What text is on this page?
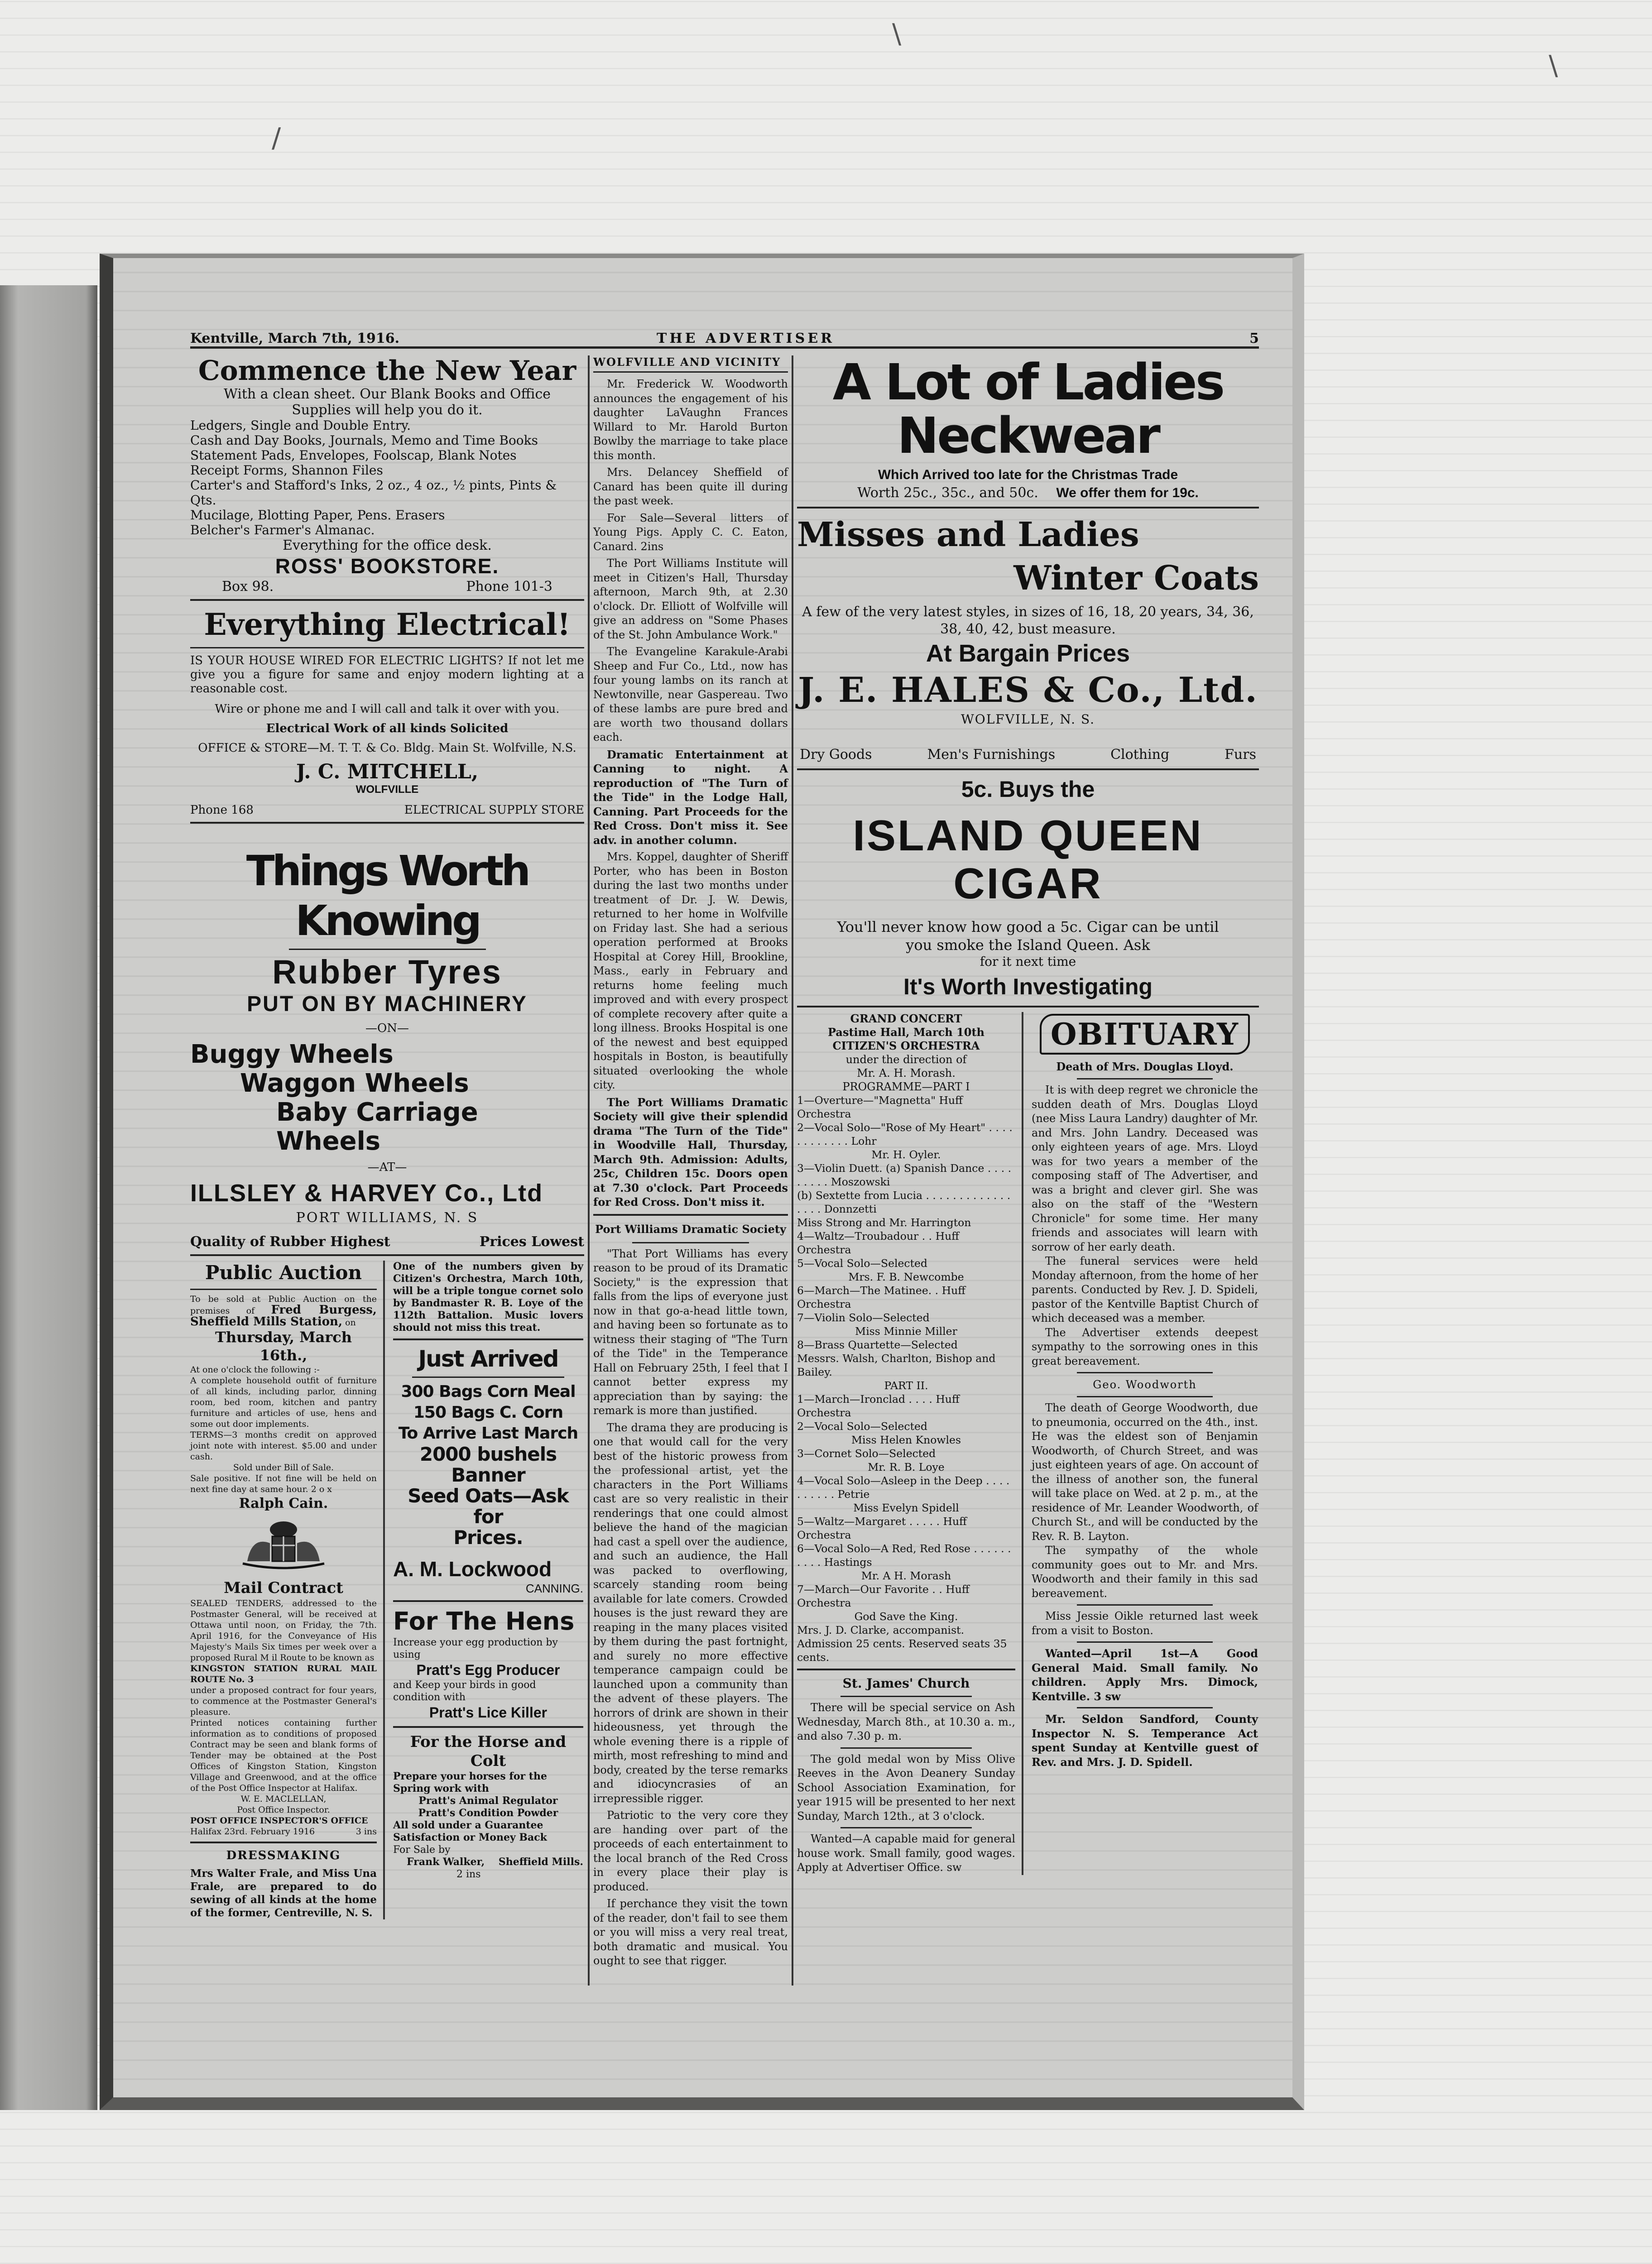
/
\
\
Kentville, March 7th, 1916.	THE ADVERTISER	5
Commence the New Year
With a clean sheet. Our Blank Books and Office Supplies will help you do it.
Ledgers, Single and Double Entry.
Cash and Day Books, Journals, Memo and Time Books
Statement Pads, Envelopes, Foolscap, Blank Notes
Receipt Forms, Shannon Files
Carter's and Stafford's Inks, 2 oz., 4 oz., ½ pints, Pints & Qts.
Mucilage, Blotting Paper, Pens. Erasers
Belcher's Farmer's Almanac.
Everything for the office desk.
ROSS' BOOKSTORE.
Box 98.	Phone 101-3
Everything Electrical!
IS YOUR HOUSE WIRED FOR ELECTRIC LIGHTS? If not let me give you a figure for same and enjoy modern lighting at a reasonable cost.
Wire or phone me and I will call and talk it over with you.
Electrical Work of all kinds Solicited
OFFICE & STORE—M. T. T. & Co. Bldg. Main St. Wolfville, N.S.
J. C. MITCHELL,
WOLFVILLE
Phone 168	ELECTRICAL SUPPLY STORE
Things Worth Knowing
Rubber Tyres
PUT ON BY MACHINERY
—ON—
Buggy Wheels
Waggon Wheels
Baby Carriage Wheels
—AT—
ILLSLEY & HARVEY Co., Ltd
PORT WILLIAMS, N. S
Quality of Rubber Highest	Prices Lowest
Public Auction
To be sold at Public Auction on the premises of Fred Burgess, Sheffield Mills Station, on
Thursday, March 16th.,
At one o'clock the following :-
A complete household outfit of furniture of all kinds, including parlor, dinning room, bed room, kitchen and pantry furniture and articles of use, hens and some out door implements.
TERMS—3 months credit on approved joint note with interest. $5.00 and under cash.
Sold under Bill of Sale.
Sale positive. If not fine will be held on next fine day at same hour. 2 o x
Ralph Cain.
Mail Contract
SEALED TENDERS, addressed to the Postmaster General, will be received at Ottawa until noon, on Friday, the 7th. April 1916, for the Conveyance of His Majesty's Mails Six times per week over a proposed Rural M il Route to be known as
KINGSTON STATION RURAL MAIL ROUTE No. 3
under a proposed contract for four years, to commence at the Postmaster General's pleasure.
Printed notices containing further information as to conditions of proposed Contract may be seen and blank forms of Tender may be obtained at the Post Offices of Kingston Station, Kingston Village and Greenwood, and at the office of the Post Office Inspector at Halifax.
W. E. MACLELLAN,
Post Office Inspector.
POST OFFICE INSPECTOR'S OFFICE
Halifax 23rd. February 1916	3 ins
DRESSMAKING
Mrs Walter Frale, and Miss Una Frale, are prepared to do sewing of all kinds at the home of the former, Centreville, N. S.
One of the numbers given by Citizen's Orchestra, March 10th, will be a triple tongue cornet solo by Bandmaster R. B. Loye of the 112th Battalion. Music lovers should not miss this treat.
Just Arrived
300 Bags Corn Meal
150 Bags C. Corn
To Arrive Last March
2000 bushels Banner
Seed Oats—Ask for
Prices.
A. M. Lockwood
CANNING.
For The Hens
Increase your egg production by using
Pratt's Egg Producer
and Keep your birds in good condition with
Pratt's Lice Killer
For the Horse and Colt
Prepare your horses for the Spring work with
Pratt's Animal Regulator
Pratt's Condition Powder
All sold under a Guarantee Satisfaction or Money Back
For Sale by
Frank Walker, Sheffield Mills.
2 ins
WOLFVILLE AND VICINITY

Mr. Frederick W. Woodworth announces the engagement of his daughter LaVaughn Frances Willard to Mr. Harold Burton Bowlby the marriage to take place this month.

Mrs. Delancey Sheffield of Canard has been quite ill during the past week.

For Sale—Several litters of Young Pigs. Apply C. C. Eaton, Canard. 2ins

The Port Williams Institute will meet in Citizen's Hall, Thursday afternoon, March 9th, at 2.30 o'clock. Dr. Elliott of Wolfville will give an address on "Some Phases of the St. John Ambulance Work."

The Evangeline Karakule-Arabi Sheep and Fur Co., Ltd., now has four young lambs on its ranch at Newtonville, near Gaspereau. Two of these lambs are pure bred and are worth two thousand dollars each.

Dramatic Entertainment at Canning to night. A reproduction of "The Turn of the Tide" in the Lodge Hall, Canning. Part Proceeds for the Red Cross. Don't miss it. See adv. in another column.

Mrs. Koppel, daughter of Sheriff Porter, who has been in Boston during the last two months under treatment of Dr. J. W. Dewis, returned to her home in Wolfville on Friday last. She had a serious operation performed at Brooks Hospital at Corey Hill, Brookline, Mass., early in February and returns home feeling much improved and with every prospect of complete recovery after quite a long illness. Brooks Hospital is one of the newest and best equipped hospitals in Boston, is beautifully situated overlooking the whole city.

The Port Williams Dramatic Society will give their splendid drama "The Turn of the Tide" in Woodville Hall, Thursday, March 9th. Admission: Adults, 25c, Children 15c. Doors open at 7.30 o'clock. Part Proceeds for Red Cross. Don't miss it.

Port Williams Dramatic Society

"That Port Williams has every reason to be proud of its Dramatic Society," is the expression that falls from the lips of everyone just now in that go-a-head little town, and having been so fortunate as to witness their staging of "The Turn of the Tide" in the Temperance Hall on February 25th, I feel that I cannot better express my appreciation than by saying: the remark is more than justified.

The drama they are producing is one that would call for the very best of the historic prowess from the professional artist, yet the characters in the Port Williams cast are so very realistic in their renderings that one could almost believe the hand of the magician had cast a spell over the audience, and such an audience, the Hall was packed to overflowing, scarcely standing room being available for late comers. Crowded houses is the just reward they are reaping in the many places visited by them during the past fortnight, and surely no more effective temperance campaign could be launched upon a community than the advent of these players. The horrors of drink are shown in their hideousness, yet through the whole evening there is a ripple of mirth, most refreshing to mind and body, created by the terse remarks and idiocyncrasies of an irrepressible rigger.

Patriotic to the very core they are handing over part of the proceeds of each entertainment to the local branch of the Red Cross in every place their play is produced.

If perchance they visit the town of the reader, don't fail to see them or you will miss a very real treat, both dramatic and musical. You ought to see that rigger.

A Lot of Ladies
Neckwear
Which Arrived too late for the Christmas Trade
Worth 25c., 35c., and 50c. We offer them for 19c.
Misses and Ladies
Winter Coats
A few of the very latest styles, in sizes of 16, 18, 20 years, 34, 36, 38, 40, 42, bust measure.
At Bargain Prices
J. E. HALES & Co., Ltd.
WOLFVILLE, N. S.
Dry Goods	Men's Furnishings	Clothing	Furs
5c. Buys the
ISLAND QUEEN
CIGAR
You'll never know how good a 5c. Cigar can be until
you smoke the Island Queen. Ask
for it next time
It's Worth Investigating
GRAND CONCERT
Pastime Hall, March 10th
CITIZEN'S ORCHESTRA
under the direction of
Mr. A. H. Morash.
PROGRAMME—PART I
1—Overture—"Magnetta" Huff Orchestra
2—Vocal Solo—"Rose of My Heart" . . . . . . . . . . . . Lohr
Mr. H. Oyler.
3—Violin Duett. (a) Spanish Dance . . . . . . . . . Moszowski
(b) Sextette from Lucia . . . . . . . . . . . . . . . . . Donnzetti
Miss Strong and Mr. Harrington
4—Waltz—Troubadour . . Huff Orchestra
5—Vocal Solo—Selected
Mrs. F. B. Newcombe
6—March—The Matinee. . Huff Orchestra
7—Violin Solo—Selected
Miss Minnie Miller
8—Brass Quartette—Selected
Messrs. Walsh, Charlton, Bishop and Bailey.
PART II.
1—March—Ironclad . . . . Huff Orchestra
2—Vocal Solo—Selected
Miss Helen Knowles
3—Cornet Solo—Selected
Mr. R. B. Loye
4—Vocal Solo—Asleep in the Deep . . . . . . . . . . Petrie
Miss Evelyn Spidell
5—Waltz—Margaret . . . . . Huff Orchestra
6—Vocal Solo—A Red, Red Rose . . . . . . . . . . Hastings
Mr. A H. Morash
7—March—Our Favorite . . Huff Orchestra
God Save the King.
Mrs. J. D. Clarke, accompanist. Admission 25 cents. Reserved seats 35 cents.
St. James' Church
There will be special service on Ash Wednesday, March 8th., at 10.30 a. m., and also 7.30 p. m.
The gold medal won by Miss Olive Reeves in the Avon Deanery Sunday School Association Examination, for year 1915 will be presented to her next Sunday, March 12th., at 3 o'clock.
Wanted—A capable maid for general house work. Small family, good wages. Apply at Advertiser Office. sw
OBITUARY
Death of Mrs. Douglas Lloyd.

It is with deep regret we chronicle the sudden death of Mrs. Douglas Lloyd (nee Miss Laura Landry) daughter of Mr. and Mrs. John Landry. Deceased was only eighteen years of age. Mrs. Lloyd was for two years a member of the composing staff of The Advertiser, and was a bright and clever girl. She was also on the staff of the "Western Chronicle" for some time. Her many friends and associates will learn with sorrow of her early death.

The funeral services were held Monday afternoon, from the home of her parents. Conducted by Rev. J. D. Spideli, pastor of the Kentville Baptist Church of which deceased was a member.

The Advertiser extends deepest sympathy to the sorrowing ones in this great bereavement.

Geo. Woodworth

The death of George Woodworth, due to pneumonia, occurred on the 4th., inst. He was the eldest son of Benjamin Woodworth, of Church Street, and was just eighteen years of age. On account of the illness of another son, the funeral will take place on Wed. at 2 p. m., at the residence of Mr. Leander Woodworth, of Church St., and will be conducted by the Rev. R. B. Layton.

The sympathy of the whole community goes out to Mr. and Mrs. Woodworth and their family in this sad bereavement.

Miss Jessie Oikle returned last week from a visit to Boston.
Wanted—April 1st—A Good General Maid. Small family. No children. Apply Mrs. Dimock, Kentville. 3 sw
Mr. Seldon Sandford, County Inspector N. S. Temperance Act spent Sunday at Kentville guest of Rev. and Mrs. J. D. Spidell.
